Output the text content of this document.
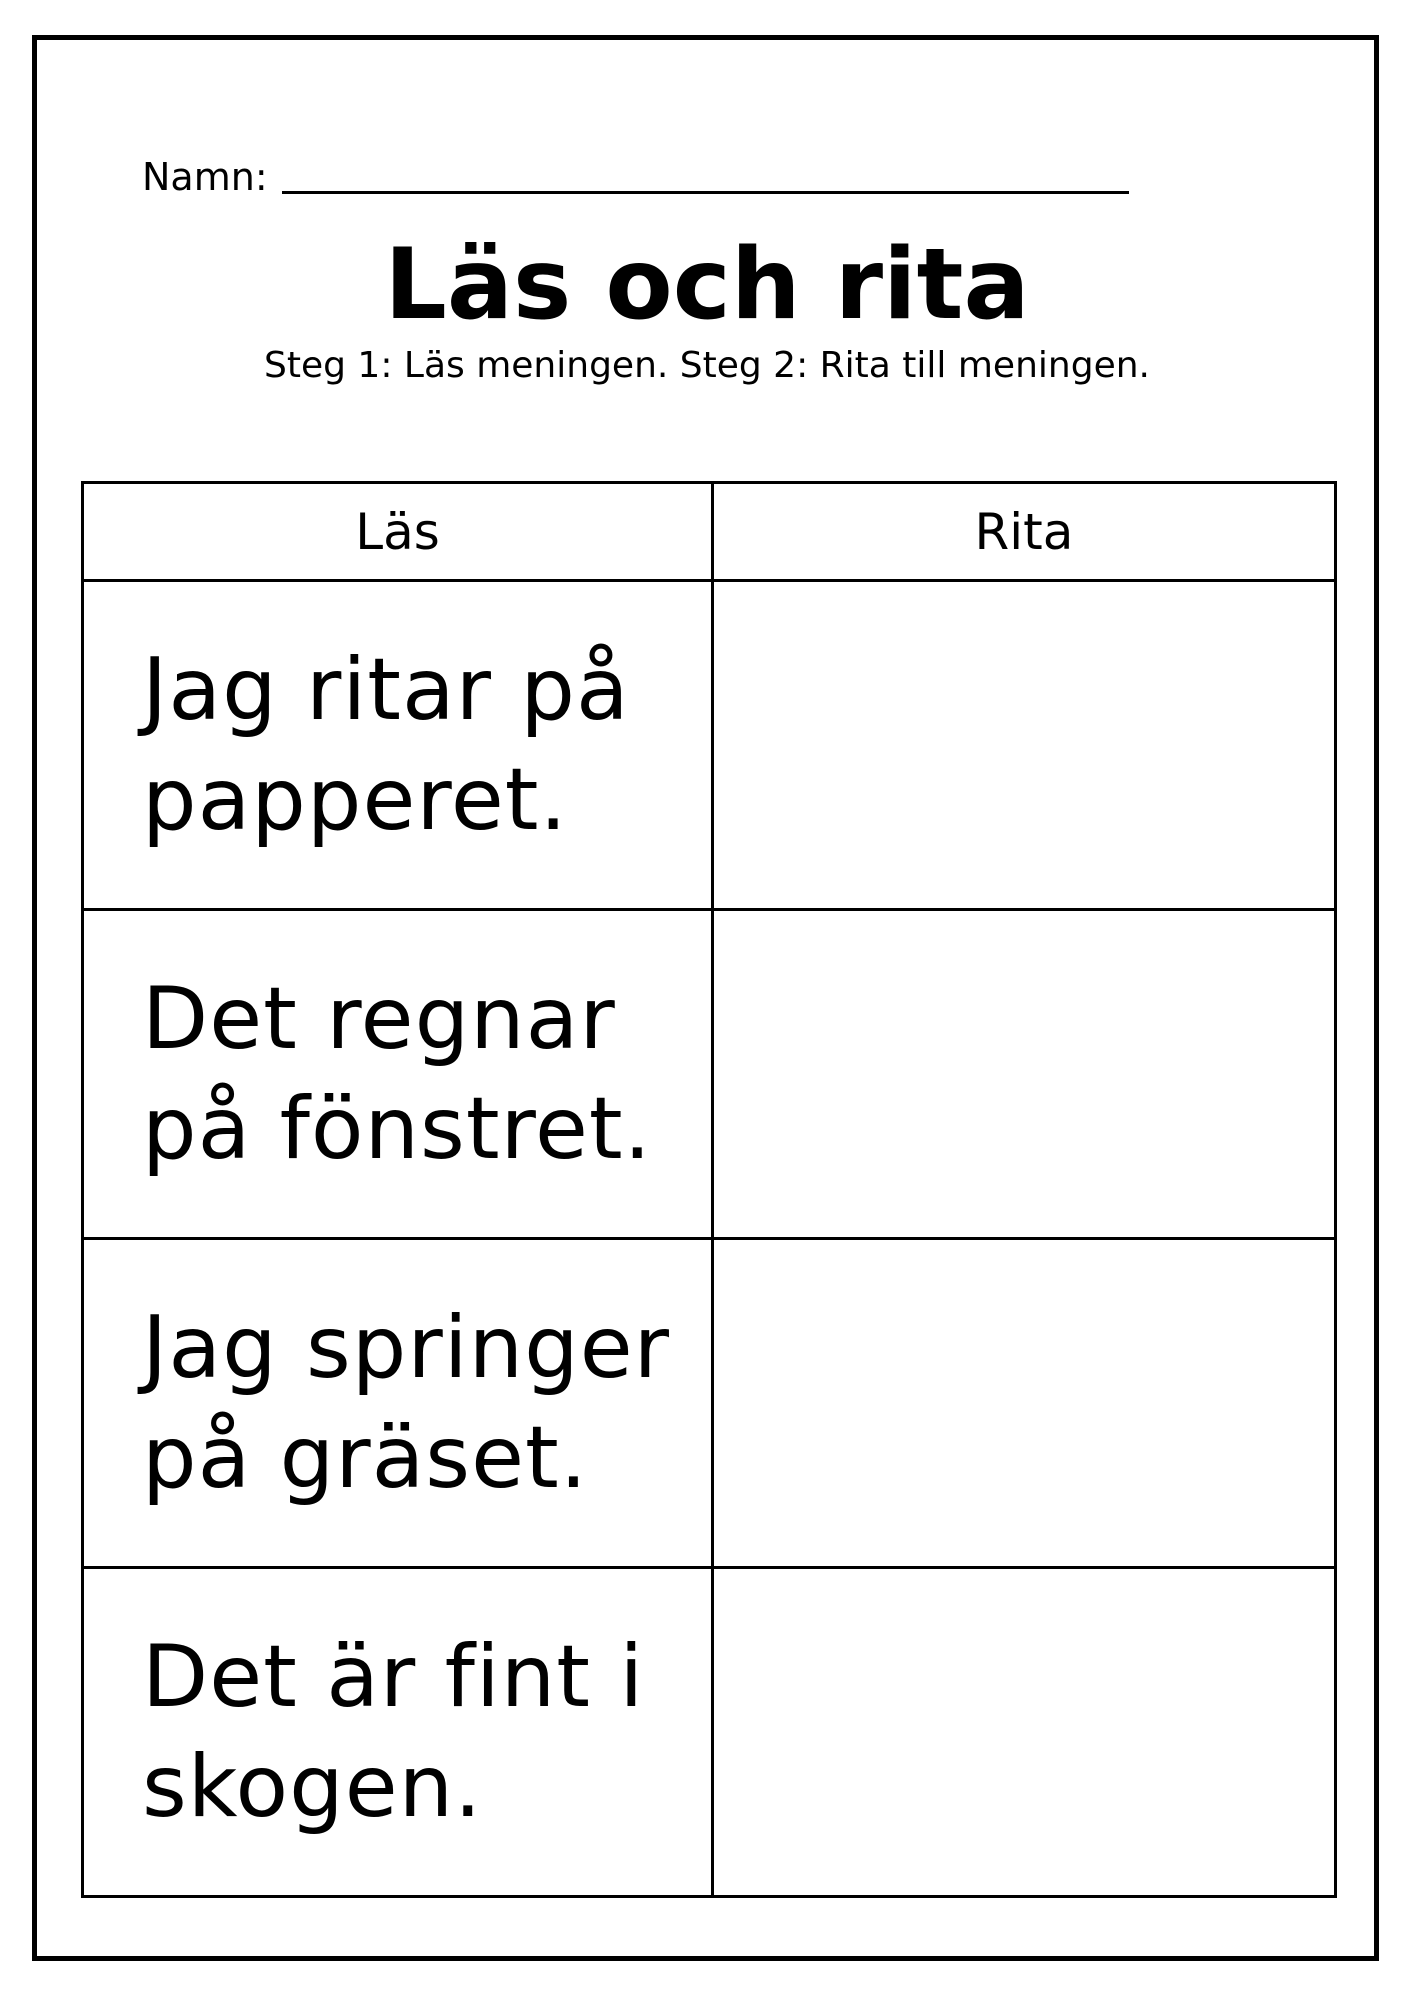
Namn:
Läs och rita
Steg 1: Läs meningen. Steg 2: Rita till meningen.
Läs	Rita

Jag ritar på papperet.	

Det regnar på fönstret.	

Jag springer på gräset.	

Det är fint i skogen.	
